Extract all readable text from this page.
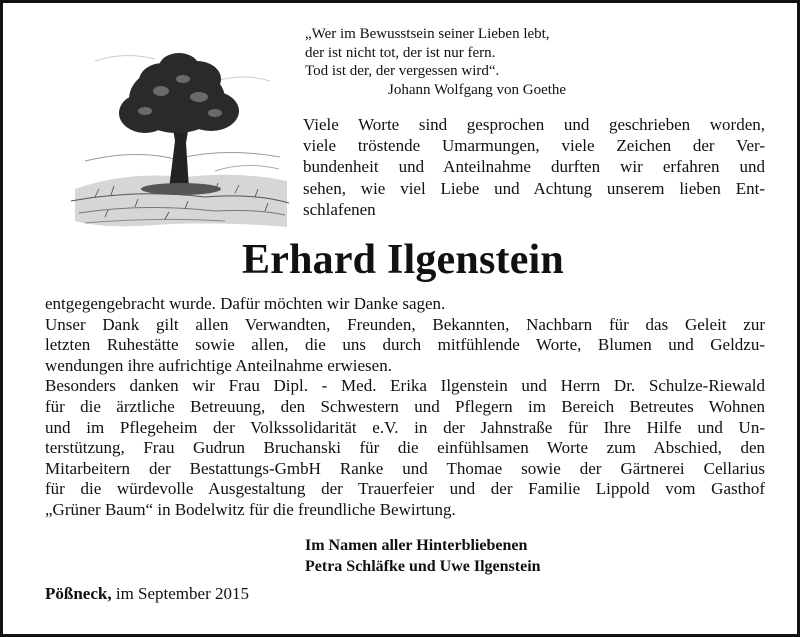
„Wer im Bewusstsein seiner Lieben lebt,
der ist nicht tot, der ist nur fern.
Tod ist der, der vergessen wird“.
Johann Wolfgang von Goethe
Viele Worte sind gesprochen und geschrieben worden,
viele tröstende Umarmungen, viele Zeichen der Ver-
bundenheit und Anteilnahme durften wir erfahren und
sehen, wie viel Liebe und Achtung unserem lieben Ent-
schlafenen
Erhard Ilgenstein
entgegengebracht wurde. Dafür möchten wir Danke sagen.
Unser Dank gilt allen Verwandten, Freunden, Bekannten, Nachbarn für das Geleit zur
letzten Ruhestätte sowie allen, die uns durch mitfühlende Worte, Blumen und Geldzu-
wendungen ihre aufrichtige Anteilnahme erwiesen.
Besonders danken wir Frau Dipl. - Med. Erika Ilgenstein und Herrn Dr. Schulze-Riewald
für die ärztliche Betreuung, den Schwestern und Pflegern im Bereich Betreutes Wohnen
und im Pflegeheim der Volkssolidarität e.V. in der Jahnstraße für Ihre Hilfe und Un-
terstützung, Frau Gudrun Bruchanski für die einfühlsamen Worte zum Abschied, den
Mitarbeitern der Bestattungs-GmbH Ranke und Thomae sowie der Gärtnerei Cellarius
für die würdevolle Ausgestaltung der Trauerfeier und der Familie Lippold vom Gasthof
„Grüner Baum“ in Bodelwitz für die freundliche Bewirtung.
Im Namen aller Hinterbliebenen
Petra Schläfke und Uwe Ilgenstein
Pößneck, im September 2015
